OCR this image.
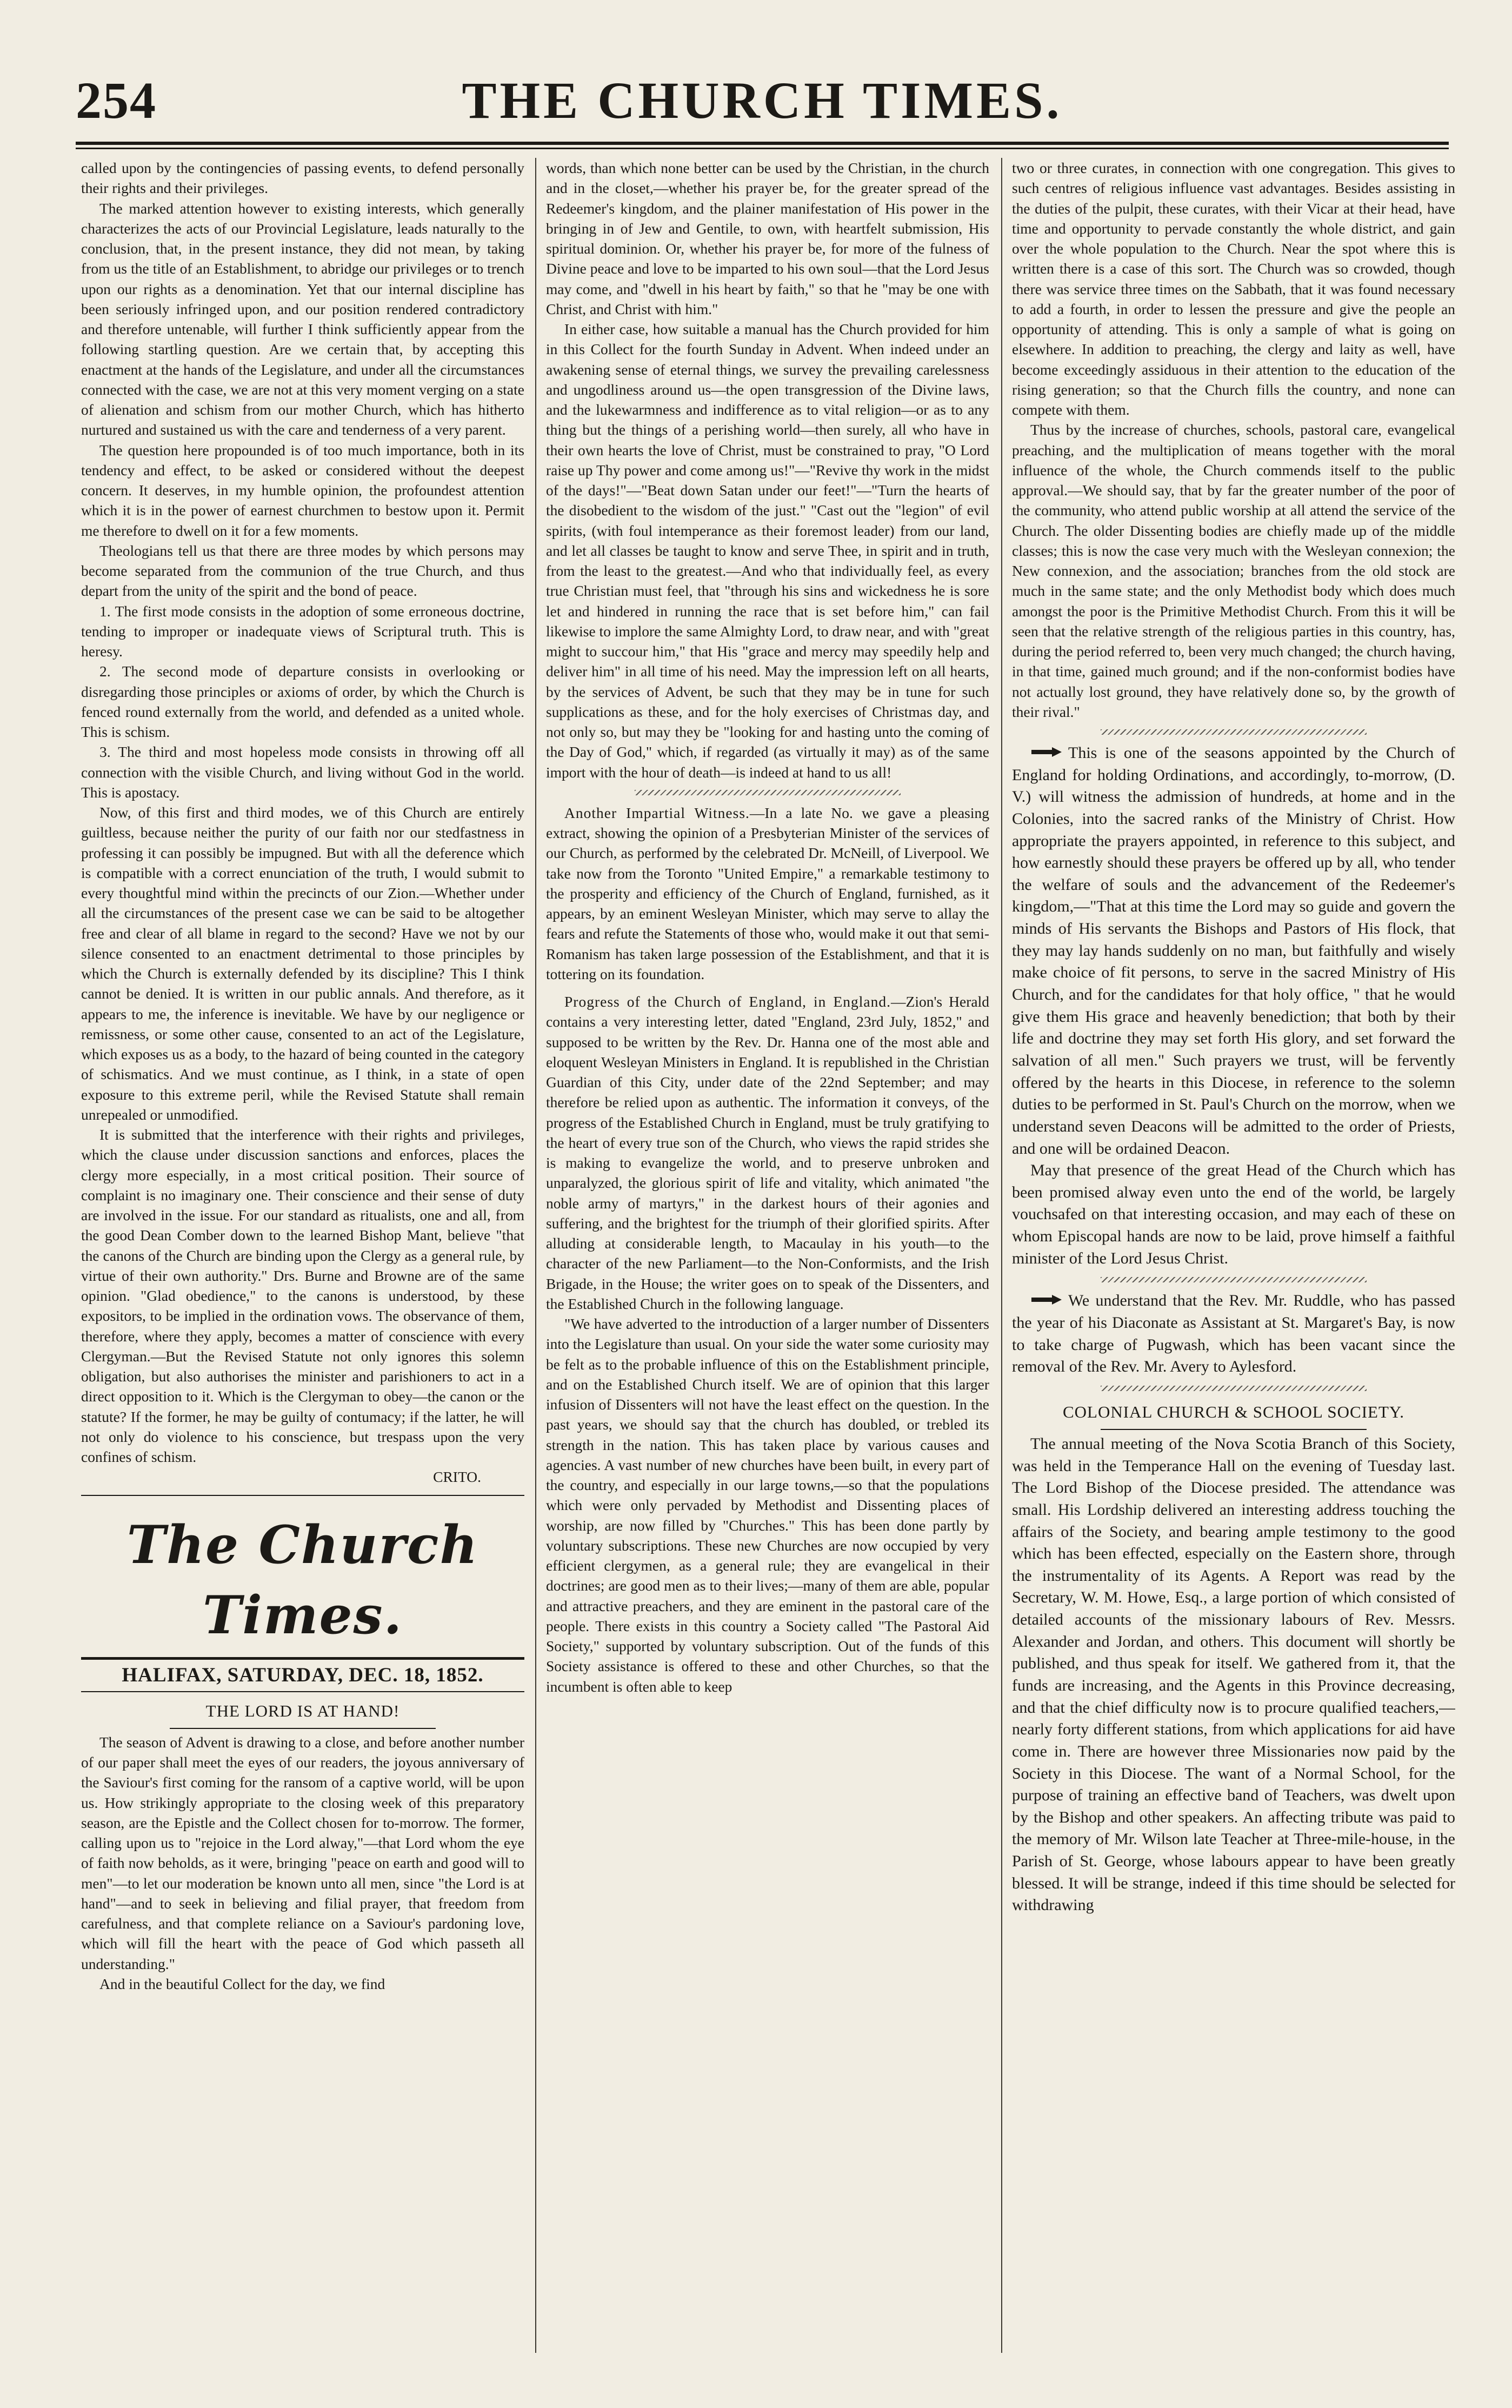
254	THE CHURCH TIMES.

called upon by the contingencies of passing events, to defend personally their rights and their privileges.

The marked attention however to existing interests, which generally characterizes the acts of our Provincial Legislature, leads naturally to the conclusion, that, in the present instance, they did not mean, by taking from us the title of an Establishment, to abridge our privileges or to trench upon our rights as a denomination. Yet that our internal discipline has been seriously infringed upon, and our position rendered contradictory and therefore untenable, will further I think sufficiently appear from the following startling question. Are we certain that, by accepting this enactment at the hands of the Legislature, and under all the circumstances connected with the case, we are not at this very moment verging on a state of alienation and schism from our mother Church, which has hitherto nurtured and sustained us with the care and tenderness of a very parent.

The question here propounded is of too much importance, both in its tendency and effect, to be asked or considered without the deepest concern. It deserves, in my humble opinion, the profoundest attention which it is in the power of earnest churchmen to bestow upon it. Permit me therefore to dwell on it for a few moments.

Theologians tell us that there are three modes by which persons may become separated from the communion of the true Church, and thus depart from the unity of the spirit and the bond of peace.

1. The first mode consists in the adoption of some erroneous doctrine, tending to improper or inadequate views of Scriptural truth. This is heresy.

2. The second mode of departure consists in overlooking or disregarding those principles or axioms of order, by which the Church is fenced round externally from the world, and defended as a united whole. This is schism.

3. The third and most hopeless mode consists in throwing off all connection with the visible Church, and living without God in the world. This is apostacy.

Now, of this first and third modes, we of this Church are entirely guiltless, because neither the purity of our faith nor our stedfastness in professing it can possibly be impugned. But with all the deference which is compatible with a correct enunciation of the truth, I would submit to every thoughtful mind within the precincts of our Zion.—Whether under all the circumstances of the present case we can be said to be altogether free and clear of all blame in regard to the second? Have we not by our silence consented to an enactment detrimental to those principles by which the Church is externally defended by its discipline? This I think cannot be denied. It is written in our public annals. And therefore, as it appears to me, the inference is inevitable. We have by our negligence or remissness, or some other cause, consented to an act of the Legislature, which exposes us as a body, to the hazard of being counted in the category of schismatics. And we must continue, as I think, in a state of open exposure to this extreme peril, while the Revised Statute shall remain unrepealed or unmodified.

It is submitted that the interference with their rights and privileges, which the clause under discussion sanctions and enforces, places the clergy more especially, in a most critical position. Their source of complaint is no imaginary one. Their conscience and their sense of duty are involved in the issue. For our standard as ritualists, one and all, from the good Dean Comber down to the learned Bishop Mant, believe "that the canons of the Church are binding upon the Clergy as a general rule, by virtue of their own authority." Drs. Burne and Browne are of the same opinion. "Glad obedience," to the canons is understood, by these expositors, to be implied in the ordination vows. The observance of them, therefore, where they apply, becomes a matter of conscience with every Clergyman.—But the Revised Statute not only ignores this solemn obligation, but also authorises the minister and parishioners to act in a direct opposition to it. Which is the Clergyman to obey—the canon or the statute? If the former, he may be guilty of contumacy; if the latter, he will not only do violence to his conscience, but trespass upon the very confines of schism.

CRITO.

The Church Times.
HALIFAX, SATURDAY, DEC. 18, 1852.
THE LORD IS AT HAND!

The season of Advent is drawing to a close, and before another number of our paper shall meet the eyes of our readers, the joyous anniversary of the Saviour's first coming for the ransom of a captive world, will be upon us. How strikingly appropriate to the closing week of this preparatory season, are the Epistle and the Collect chosen for to-morrow. The former, calling upon us to "rejoice in the Lord alway,"—that Lord whom the eye of faith now beholds, as it were, bringing "peace on earth and good will to men"—to let our moderation be known unto all men, since "the Lord is at hand"—and to seek in believing and filial prayer, that freedom from carefulness, and that complete reliance on a Saviour's pardoning love, which will fill the heart with the peace of God which passeth all understanding."

And in the beautiful Collect for the day, we find

words, than which none better can be used by the Christian, in the church and in the closet,—whether his prayer be, for the greater spread of the Redeemer's kingdom, and the plainer manifestation of His power in the bringing in of Jew and Gentile, to own, with heartfelt submission, His spiritual dominion. Or, whether his prayer be, for more of the fulness of Divine peace and love to be imparted to his own soul—that the Lord Jesus may come, and "dwell in his heart by faith," so that he "may be one with Christ, and Christ with him."

In either case, how suitable a manual has the Church provided for him in this Collect for the fourth Sunday in Advent. When indeed under an awakening sense of eternal things, we survey the prevailing carelessness and ungodliness around us—the open transgression of the Divine laws, and the lukewarmness and indifference as to vital religion—or as to any thing but the things of a perishing world—then surely, all who have in their own hearts the love of Christ, must be constrained to pray, "O Lord raise up Thy power and come among us!"—"Revive thy work in the midst of the days!"—"Beat down Satan under our feet!"—"Turn the hearts of the disobedient to the wisdom of the just." "Cast out the "legion" of evil spirits, (with foul intemperance as their foremost leader) from our land, and let all classes be taught to know and serve Thee, in spirit and in truth, from the least to the greatest.—And who that individually feel, as every true Christian must feel, that "through his sins and wickedness he is sore let and hindered in running the race that is set before him," can fail likewise to implore the same Almighty Lord, to draw near, and with "great might to succour him," that His "grace and mercy may speedily help and deliver him" in all time of his need. May the impression left on all hearts, by the services of Advent, be such that they may be in tune for such supplications as these, and for the holy exercises of Christmas day, and not only so, but may they be "looking for and hasting unto the coming of the Day of God," which, if regarded (as virtually it may) as of the same import with the hour of death—is indeed at hand to us all!

Another Impartial Witness.—In a late No. we gave a pleasing extract, showing the opinion of a Presbyterian Minister of the services of our Church, as performed by the celebrated Dr. McNeill, of Liverpool. We take now from the Toronto "United Empire," a remarkable testimony to the prosperity and efficiency of the Church of England, furnished, as it appears, by an eminent Wesleyan Minister, which may serve to allay the fears and refute the Statements of those who, would make it out that semi-Romanism has taken large possession of the Establishment, and that it is tottering on its foundation.

Progress of the Church of England, in England.—Zion's Herald contains a very interesting letter, dated "England, 23rd July, 1852," and supposed to be written by the Rev. Dr. Hanna one of the most able and eloquent Wesleyan Ministers in England. It is republished in the Christian Guardian of this City, under date of the 22nd September; and may therefore be relied upon as authentic. The information it conveys, of the progress of the Established Church in England, must be truly gratifying to the heart of every true son of the Church, who views the rapid strides she is making to evangelize the world, and to preserve unbroken and unparalyzed, the glorious spirit of life and vitality, which animated "the noble army of martyrs," in the darkest hours of their agonies and suffering, and the brightest for the triumph of their glorified spirits. After alluding at considerable length, to Macaulay in his youth—to the character of the new Parliament—to the Non-Conformists, and the Irish Brigade, in the House; the writer goes on to speak of the Dissenters, and the Established Church in the following language.

"We have adverted to the introduction of a larger number of Dissenters into the Legislature than usual. On your side the water some curiosity may be felt as to the probable influence of this on the Establishment principle, and on the Established Church itself. We are of opinion that this larger infusion of Dissenters will not have the least effect on the question. In the past years, we should say that the church has doubled, or trebled its strength in the nation. This has taken place by various causes and agencies. A vast number of new churches have been built, in every part of the country, and especially in our large towns,—so that the populations which were only pervaded by Methodist and Dissenting places of worship, are now filled by "Churches." This has been done partly by voluntary subscriptions. These new Churches are now occupied by very efficient clergymen, as a general rule; they are evangelical in their doctrines; are good men as to their lives;—many of them are able, popular and attractive preachers, and they are eminent in the pastoral care of the people. There exists in this country a Society called "The Pastoral Aid Society," supported by voluntary subscription. Out of the funds of this Society assistance is offered to these and other Churches, so that the incumbent is often able to keep

two or three curates, in connection with one congregation. This gives to such centres of religious influence vast advantages. Besides assisting in the duties of the pulpit, these curates, with their Vicar at their head, have time and opportunity to pervade constantly the whole district, and gain over the whole population to the Church. Near the spot where this is written there is a case of this sort. The Church was so crowded, though there was service three times on the Sabbath, that it was found necessary to add a fourth, in order to lessen the pressure and give the people an opportunity of attending. This is only a sample of what is going on elsewhere. In addition to preaching, the clergy and laity as well, have become exceedingly assiduous in their attention to the education of the rising generation; so that the Church fills the country, and none can compete with them.

Thus by the increase of churches, schools, pastoral care, evangelical preaching, and the multiplication of means together with the moral influence of the whole, the Church commends itself to the public approval.—We should say, that by far the greater number of the poor of the community, who attend public worship at all attend the service of the Church. The older Dissenting bodies are chiefly made up of the middle classes; this is now the case very much with the Wesleyan connexion; the New connexion, and the association; branches from the old stock are much in the same state; and the only Methodist body which does much amongst the poor is the Primitive Methodist Church. From this it will be seen that the relative strength of the religious parties in this country, has, during the period referred to, been very much changed; the church having, in that time, gained much ground; and if the non-conformist bodies have not actually lost ground, they have relatively done so, by the growth of their rival."

This is one of the seasons appointed by the Church of England for holding Ordinations, and accordingly, to-morrow, (D. V.) will witness the admission of hundreds, at home and in the Colonies, into the sacred ranks of the Ministry of Christ. How appropriate the prayers appointed, in reference to this subject, and how earnestly should these prayers be offered up by all, who tender the welfare of souls and the advancement of the Redeemer's kingdom,—"That at this time the Lord may so guide and govern the minds of His servants the Bishops and Pastors of His flock, that they may lay hands suddenly on no man, but faithfully and wisely make choice of fit persons, to serve in the sacred Ministry of His Church, and for the candidates for that holy office, " that he would give them His grace and heavenly benediction; that both by their life and doctrine they may set forth His glory, and set forward the salvation of all men." Such prayers we trust, will be fervently offered by the hearts in this Diocese, in reference to the solemn duties to be performed in St. Paul's Church on the morrow, when we understand seven Deacons will be admitted to the order of Priests, and one will be ordained Deacon.

May that presence of the great Head of the Church which has been promised alway even unto the end of the world, be largely vouchsafed on that interesting occasion, and may each of these on whom Episcopal hands are now to be laid, prove himself a faithful minister of the Lord Jesus Christ.

We understand that the Rev. Mr. Ruddle, who has passed the year of his Diaconate as Assistant at St. Margaret's Bay, is now to take charge of Pugwash, which has been vacant since the removal of the Rev. Mr. Avery to Aylesford.

COLONIAL CHURCH & SCHOOL SOCIETY.

The annual meeting of the Nova Scotia Branch of this Society, was held in the Temperance Hall on the evening of Tuesday last. The Lord Bishop of the Diocese presided. The attendance was small. His Lordship delivered an interesting address touching the affairs of the Society, and bearing ample testimony to the good which has been effected, especially on the Eastern shore, through the instrumentality of its Agents. A Report was read by the Secretary, W. M. Howe, Esq., a large portion of which consisted of detailed accounts of the missionary labours of Rev. Messrs. Alexander and Jordan, and others. This document will shortly be published, and thus speak for itself. We gathered from it, that the funds are increasing, and the Agents in this Province decreasing, and that the chief difficulty now is to procure qualified teachers,—nearly forty different stations, from which applications for aid have come in. There are however three Missionaries now paid by the Society in this Diocese. The want of a Normal School, for the purpose of training an effective band of Teachers, was dwelt upon by the Bishop and other speakers. An affecting tribute was paid to the memory of Mr. Wilson late Teacher at Three-mile-house, in the Parish of St. George, whose labours appear to have been greatly blessed. It will be strange, indeed if this time should be selected for withdrawing
